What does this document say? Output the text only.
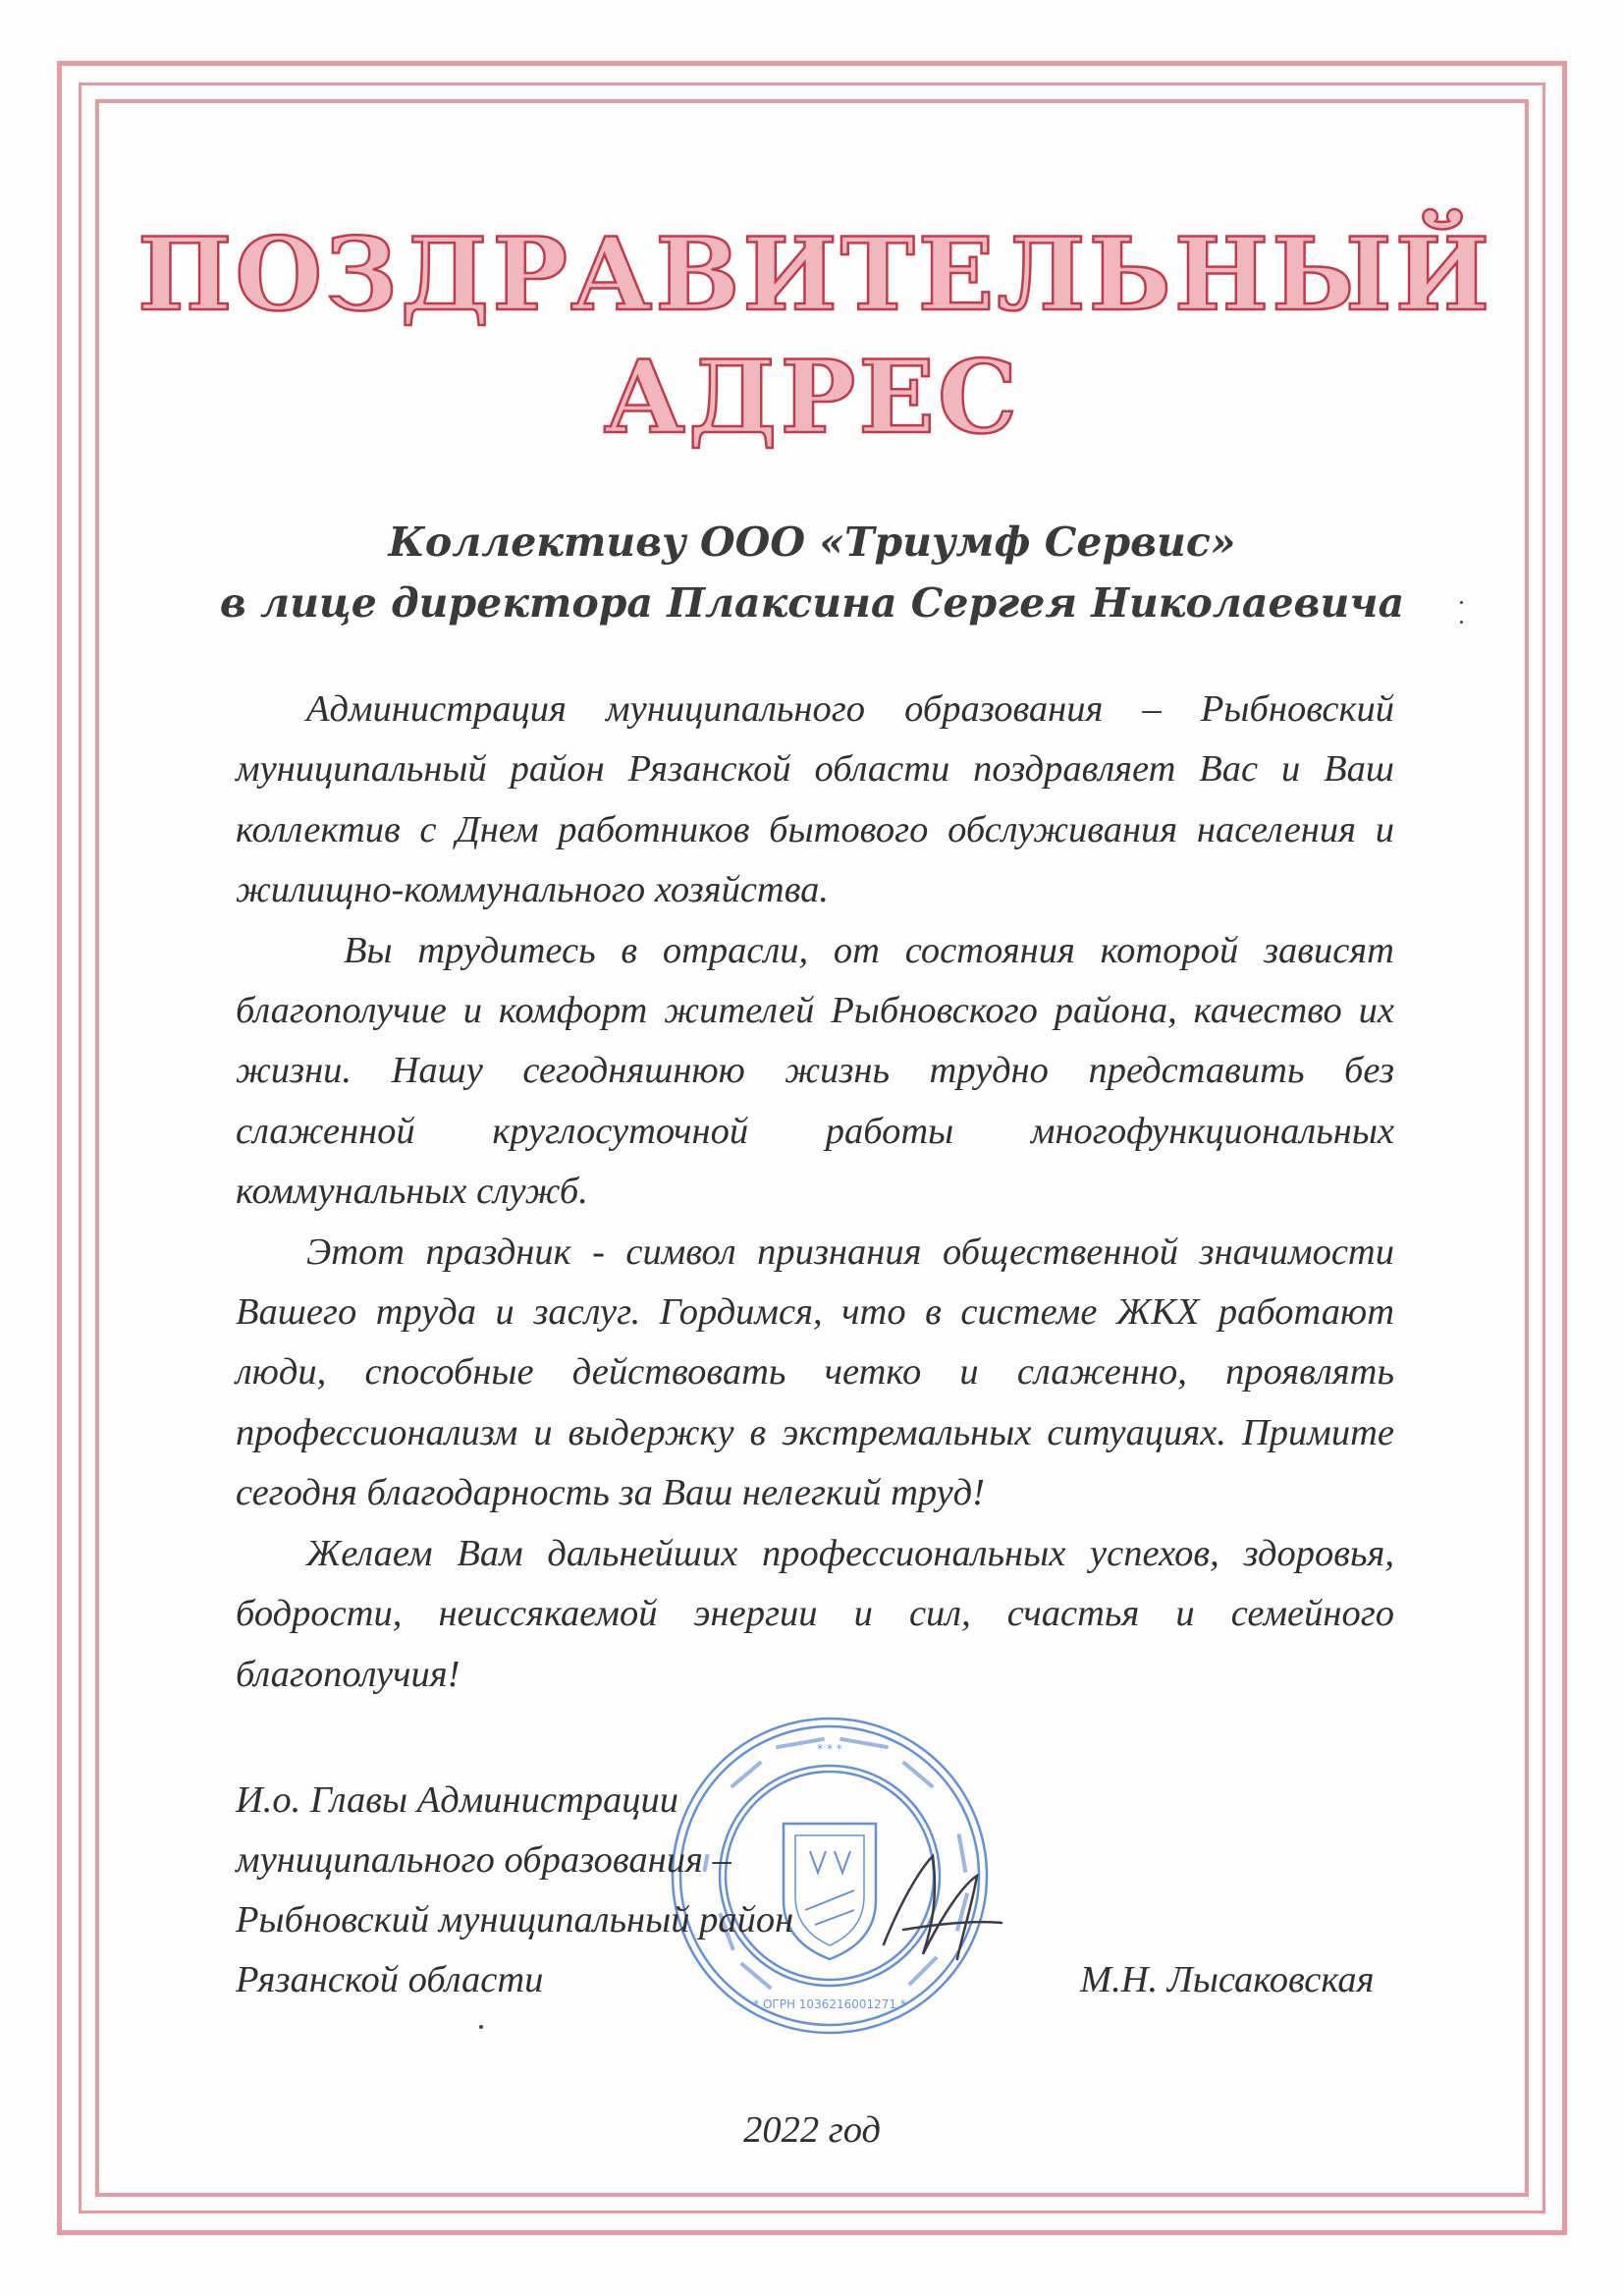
ПОЗДРАВИТЕЛЬНЫЙ
АДРЕС
Коллективу ООО «Триумф Сервис»
в лице директора Плаксина Сергея Николаевича

Администрация муниципального образования – Рыбновский муниципальный район Рязанской области поздравляет Вас и Ваш коллектив с Днем работников бытового обслуживания населения и жилищно-коммунального хозяйства.

Вы трудитесь в отрасли, от состояния которой зависят благополучие и комфорт жителей Рыбновского района, качество их жизни. Нашу сегодняшнюю жизнь трудно представить без слаженной круглосуточной работы многофункциональных коммунальных служб.

Этот праздник - символ признания общественной значимости Вашего труда и заслуг. Гордимся, что в системе ЖКХ работают люди, способные действовать четко и слаженно, проявлять профессионализм и выдержку в экстремальных ситуациях. Примите сегодня благодарность за Ваш нелегкий труд!

Желаем Вам дальнейших профессиональных успехов, здоровья, бодрости, неиссякаемой энергии и сил, счастья и семейного благополучия!

* ОГРН 1036216001271 *
* * *
И.о. Главы Администрации
муниципального образования –
Рыбновский муниципальный район
Рязанской области	М.Н. Лысаковская
2022 год
